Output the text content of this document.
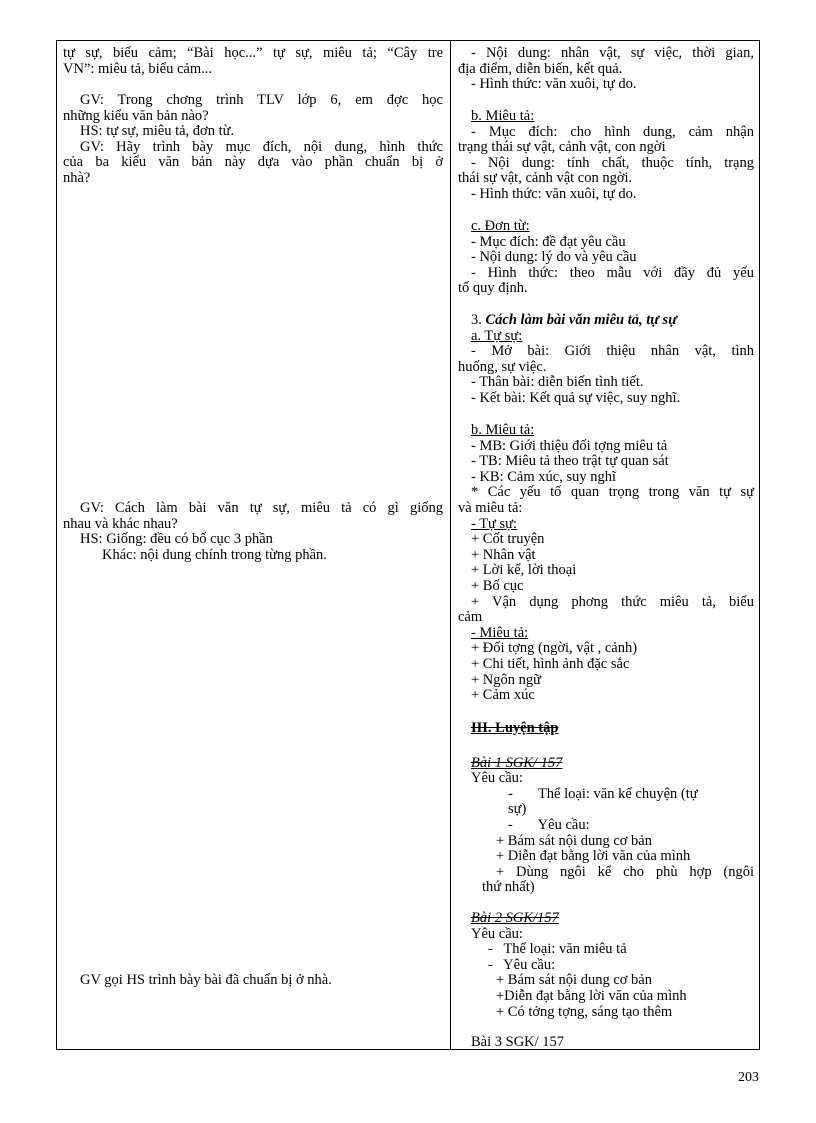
tự sự, biểu cảm; “Bài học...” tự sự, miêu tả; “Cây tre
VN”: miêu tả, biểu cảm...
GV: Trong chơng trình TLV lớp 6, em đợc học
những kiểu văn bản nào?
HS: tự sự, miêu tả, đơn từ.
GV: Hãy trình bày mục đích, nội dung, hình thức
của ba kiểu văn bản này dựa vào phần chuẩn bị ở
nhà?
GV: Cách làm bài văn tự sự, miêu tả có gì giống
nhau và khác nhau?
HS: Giống: đều có bố cục 3 phần
Khác: nội dung chính trong từng phần.
GV gọi HS trình bày bài đã chuẩn bị ở nhà.
- Nội dung: nhân vật, sự việc, thời gian,
địa điểm, diễn biến, kết quả.
- Hình thức: văn xuôi, tự do.
b. Miêu tả:
- Mục đích: cho hình dung, cảm nhận
trạng thái sự vật, cảnh vật, con ngời
- Nội dung: tính chất, thuộc tính, trạng
thái sự vật, cảnh vật con ngời.
- Hình thức: văn xuôi, tự do.
c. Đơn từ:
- Mục đích: đề đạt yêu cầu
- Nội dung: lý do và yêu cầu
- Hình thức: theo mẫu với đầy đủ yếu
tố quy định.
3. Cách làm bài văn miêu tả, tự sự
a. Tự sự:
- Mở bài: Giới thiệu nhân vật, tình
huống, sự việc.
- Thân bài: diễn biến tình tiết.
- Kết bài: Kết quả sự việc, suy nghĩ.
b. Miêu tả:
- MB: Giới thiệu đối tợng miêu tả
- TB: Miêu tả theo trật tự quan sát
- KB: Cảm xúc, suy nghĩ
* Các yếu tố quan trọng trong văn tự sự
và miêu tả:
- Tự sự:
+ Cốt truyện
+ Nhân vật
+ Lời kể, lời thoại
+ Bố cục
+ Vận dụng phơng thức miêu tả, biểu
cảm
- Miêu tả:
+ Đối tợng (ngời, vật , cảnh)
+ Chi tiết, hình ảnh đặc sắc
+ Ngôn ngữ
+ Cảm xúc
III. Luyện tập
Bài 1 SGK/ 157
Yêu cầu:
-       Thể loại: văn kể chuyện (tự
sự)
-       Yêu cầu:
+ Bám sát nội dung cơ bản
+ Diễn đạt bằng lời văn của mình
+ Dùng ngôi kể cho phù hợp (ngôi
thứ nhất)
Bài 2 SGK/157
Yêu cầu:
-   Thể loại: văn miêu tả
-   Yêu cầu:
+ Bám sát nội dung cơ bản
+Diễn đạt bằng lời văn của mình
+ Có tởng tợng, sáng tạo thêm
Bài 3 SGK/ 157
203
